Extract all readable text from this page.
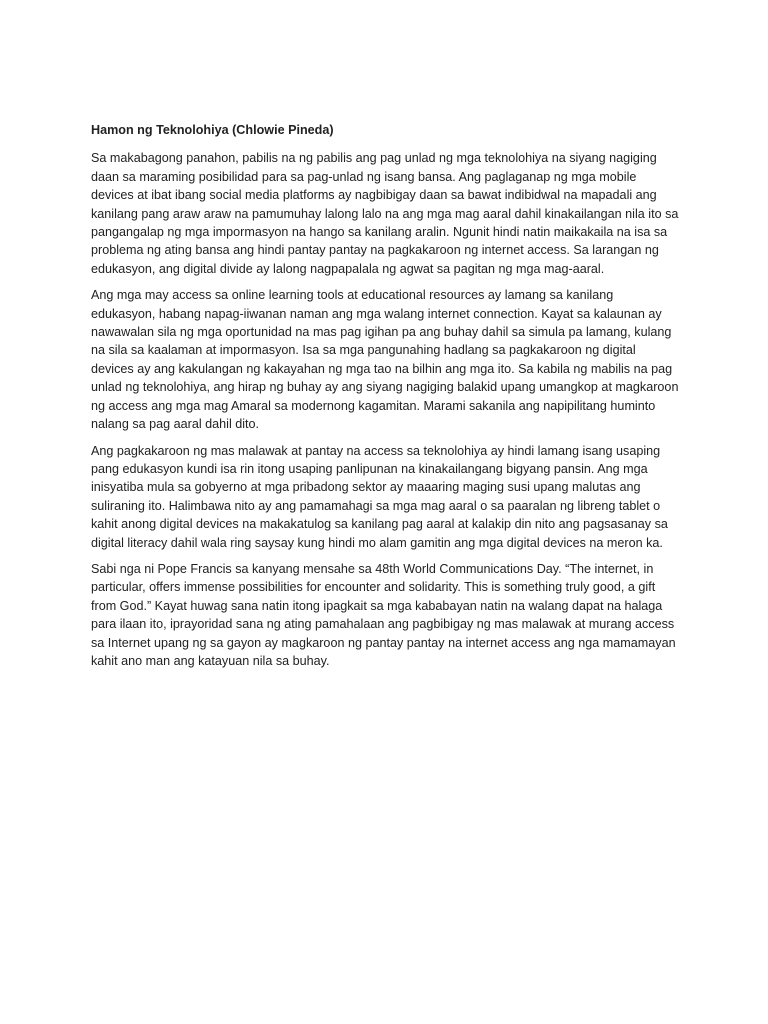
Hamon ng Teknolohiya (Chlowie Pineda)

Sa makabagong panahon, pabilis na ng pabilis ang pag unlad ng mga teknolohiya na siyang nagiging daan sa maraming posibilidad para sa pag-unlad ng isang bansa. Ang paglaganap ng mga mobile devices at ibat ibang social media platforms ay nagbibigay daan sa bawat indibidwal na mapadali ang kanilang pang araw araw na pamumuhay lalong lalo na ang mga mag aaral dahil kinakailangan nila ito sa pangangalap ng mga impormasyon na hango sa kanilang aralin. Ngunit hindi natin maikakaila na isa sa problema ng ating bansa ang hindi pantay pantay na pagkakaroon ng internet access. Sa larangan ng edukasyon, ang digital divide ay lalong nagpapalala ng agwat sa pagitan ng mga mag-aaral.

Ang mga may access sa online learning tools at educational resources ay lamang sa kanilang edukasyon, habang napag-iiwanan naman ang mga walang internet connection. Kayat sa kalaunan ay nawawalan sila ng mga oportunidad na mas pag igihan pa ang buhay dahil sa simula pa lamang, kulang na sila sa kaalaman at impormasyon. Isa sa mga pangunahing hadlang sa pagkakaroon ng digital devices ay ang kakulangan ng kakayahan ng mga tao na bilhin ang mga ito. Sa kabila ng mabilis na pag unlad ng teknolohiya, ang hirap ng buhay ay ang siyang nagiging balakid upang umangkop at magkaroon ng access ang mga mag Amaral sa modernong kagamitan. Marami sakanila ang napipilitang huminto nalang sa pag aaral dahil dito.

Ang pagkakaroon ng mas malawak at pantay na access sa teknolohiya ay hindi lamang isang usaping pang edukasyon kundi isa rin itong usaping panlipunan na kinakailangang bigyang pansin. Ang mga inisyatiba mula sa gobyerno at mga pribadong sektor ay maaaring maging susi upang malutas ang suliraning ito. Halimbawa nito ay ang pamamahagi sa mga mag aaral o sa paaralan ng libreng tablet o kahit anong digital devices na makakatulog sa kanilang pag aaral at kalakip din nito ang pagsasanay sa digital literacy dahil wala ring saysay kung hindi mo alam gamitin ang mga digital devices na meron ka.

Sabi nga ni Pope Francis sa kanyang mensahe sa 48th World Communications Day. “The internet, in particular, offers immense possibilities for encounter and solidarity. This is something truly good, a gift from God.” Kayat huwag sana natin itong ipagkait sa mga kababayan natin na walang dapat na halaga para ilaan ito, iprayoridad sana ng ating pamahalaan ang pagbibigay ng mas malawak at murang access sa Internet upang ng sa gayon ay magkaroon ng pantay pantay na internet access ang nga mamamayan kahit ano man ang katayuan nila sa buhay.
